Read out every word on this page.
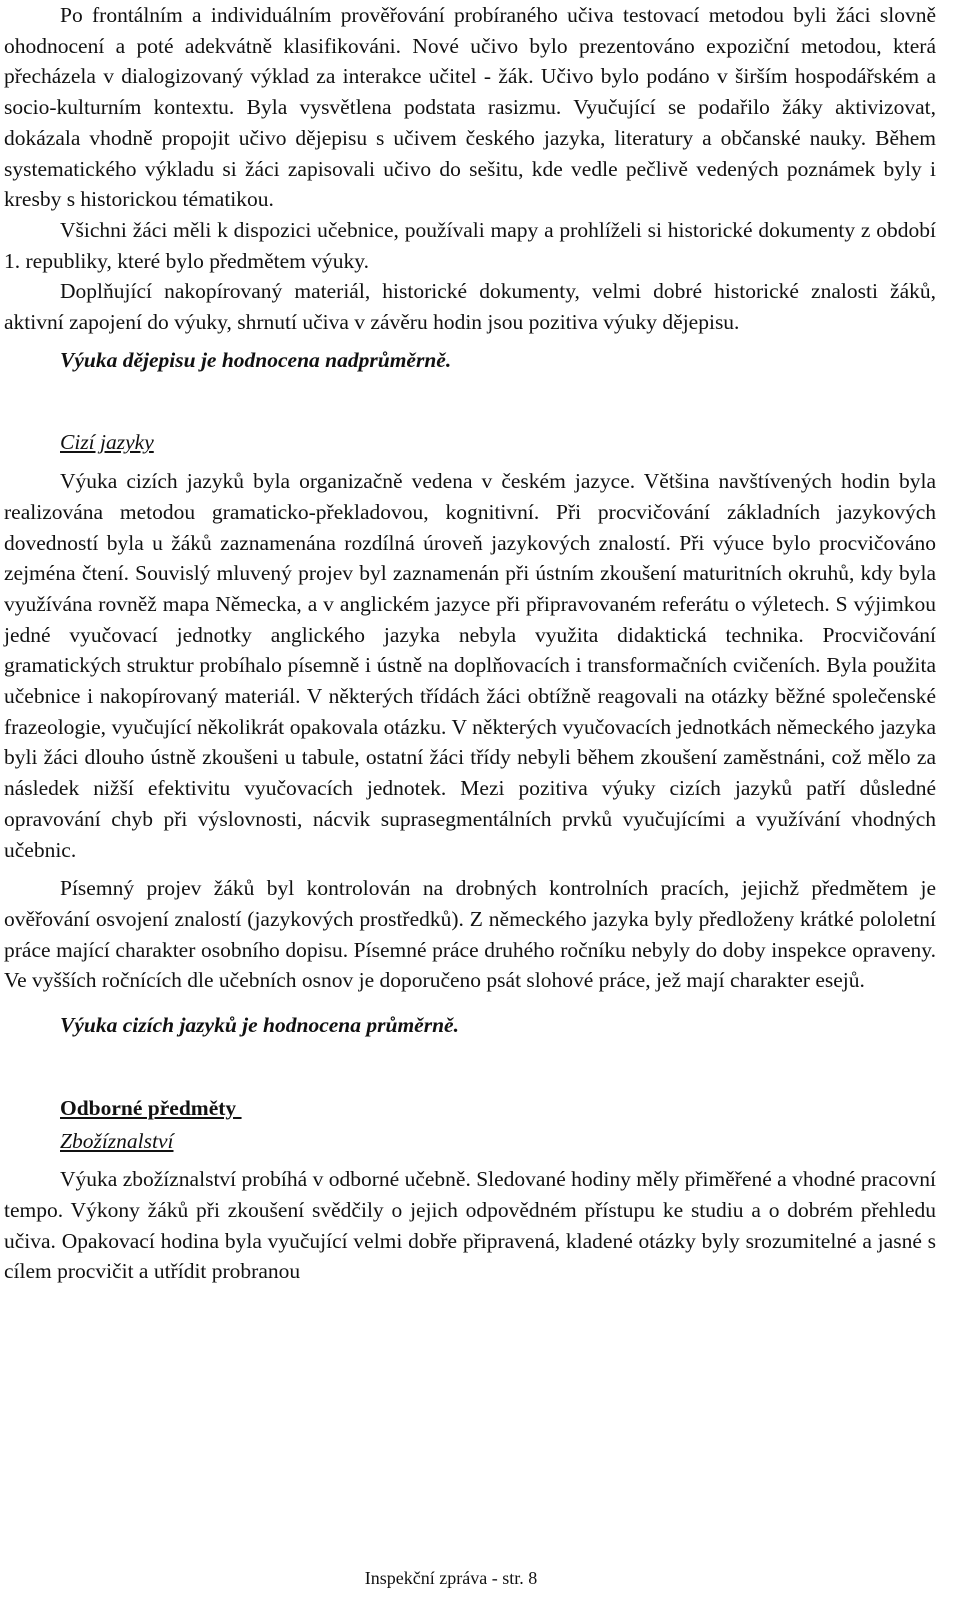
Po frontálním a individuálním prověřování probíraného učiva testovací metodou byli žáci slovně ohodnocení a poté adekvátně klasifikováni. Nové učivo bylo prezentováno expoziční metodou, která přecházela v dialogizovaný výklad za interakce učitel - žák. Učivo bylo podáno v širším hospodářském a socio-kulturním kontextu. Byla vysvětlena podstata rasizmu. Vyučující se podařilo žáky aktivizovat, dokázala vhodně propojit učivo dějepisu s učivem českého jazyka, literatury a občanské nauky. Během systematického výkladu si žáci zapisovali učivo do sešitu, kde vedle pečlivě vedených poznámek byly i kresby s historickou tématikou.

Všichni žáci měli k dispozici učebnice, používali mapy a prohlíželi si historické dokumenty z období 1. republiky, které bylo předmětem výuky.

Doplňující nakopírovaný materiál, historické dokumenty, velmi dobré historické znalosti žáků, aktivní zapojení do výuky, shrnutí učiva v závěru hodin jsou pozitiva výuky dějepisu.

Výuka dějepisu je hodnocena nadprůměrně.

Cizí jazyky

Výuka cizích jazyků byla organizačně vedena v českém jazyce. Většina navštívených hodin byla realizována metodou gramaticko-překladovou, kognitivní. Při procvičování základních jazykových dovedností byla u žáků zaznamenána rozdílná úroveň jazykových znalostí. Při výuce bylo procvičováno zejména čtení. Souvislý mluvený projev byl zaznamenán při ústním zkoušení maturitních okruhů, kdy byla využívána rovněž mapa Německa, a v anglickém jazyce při připravovaném referátu o výletech. S výjimkou jedné vyučovací jednotky anglického jazyka nebyla využita didaktická technika. Procvičování gramatických struktur probíhalo písemně i ústně na doplňovacích i transformačních cvičeních. Byla použita učebnice i nakopírovaný materiál. V některých třídách žáci obtížně reagovali na otázky běžné společenské frazeologie, vyučující několikrát opakovala otázku. V některých vyučovacích jednotkách německého jazyka byli žáci dlouho ústně zkoušeni u tabule, ostatní žáci třídy nebyli během zkoušení zaměstnáni, což mělo za následek nižší efektivitu vyučovacích jednotek. Mezi pozitiva výuky cizích jazyků patří důsledné opravování chyb při výslovnosti, nácvik suprasegmentálních prvků vyučujícími a využívání vhodných učebnic.

Písemný projev žáků byl kontrolován na drobných kontrolních pracích, jejichž předmětem je ověřování osvojení znalostí (jazykových prostředků). Z německého jazyka byly předloženy krátké pololetní práce mající charakter osobního dopisu. Písemné práce druhého ročníku nebyly do doby inspekce opraveny. Ve vyšších ročnících dle učebních osnov je doporučeno psát slohové práce, jež mají charakter esejů.

Výuka cizích jazyků je hodnocena průměrně.

Odborné předměty

Zbožíznalství

Výuka zbožíznalství probíhá v odborné učebně. Sledované hodiny měly přiměřené a vhodné pracovní tempo. Výkony žáků při zkoušení svědčily o jejich odpovědném přístupu ke studiu a o dobrém přehledu učiva. Opakovací hodina byla vyučující velmi dobře připravená, kladené otázky byly srozumitelné a jasné s cílem procvičit a utřídit probranou

Inspekční zpráva - str. 8
